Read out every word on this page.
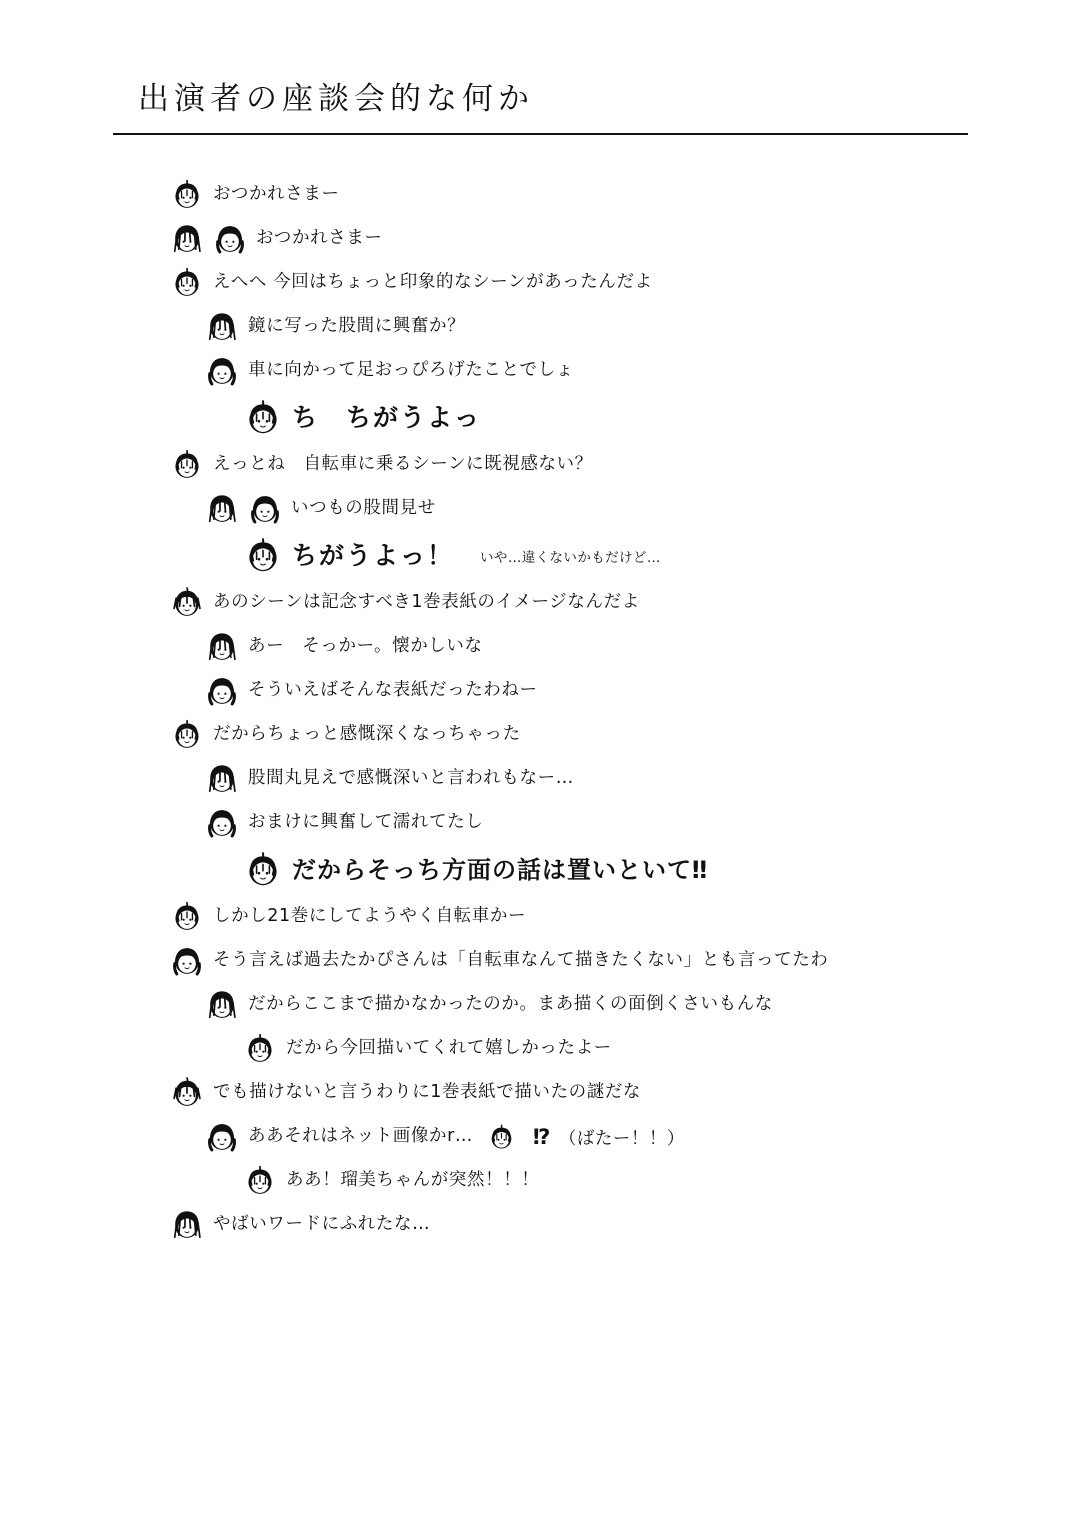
出演者の座談会的な何か
おつかれさまー
おつかれさまー
えへへ 今回はちょっと印象的なシーンがあったんだよ
鏡に写った股間に興奮か？
車に向かって足おっぴろげたことでしょ
ち　ちがうよっ
えっとね　自転車に乗るシーンに既視感ない？
いつもの股間見せ
ちがうよっ！ いや…違くないかもだけど…
あのシーンは記念すべき1巻表紙のイメージなんだよ
あー　そっかー。懐かしいな
そういえばそんな表紙だったわねー
だからちょっと感慨深くなっちゃった
股間丸見えで感慨深いと言われもなー…
おまけに興奮して濡れてたし
だからそっち方面の話は置いといて‼
しかし21巻にしてようやく自転車かー
そう言えば過去たかぴさんは「自転車なんて描きたくない」とも言ってたわ
だからここまで描かなかったのか。まあ描くの面倒くさいもんな
だから今回描いてくれて嬉しかったよー
でも描けないと言うわりに1巻表紙で描いたの謎だな
ああそれはネット画像かr…	⁉ （ばたー！！）
ああ！瑠美ちゃんが突然！！！
やばいワードにふれたな…
